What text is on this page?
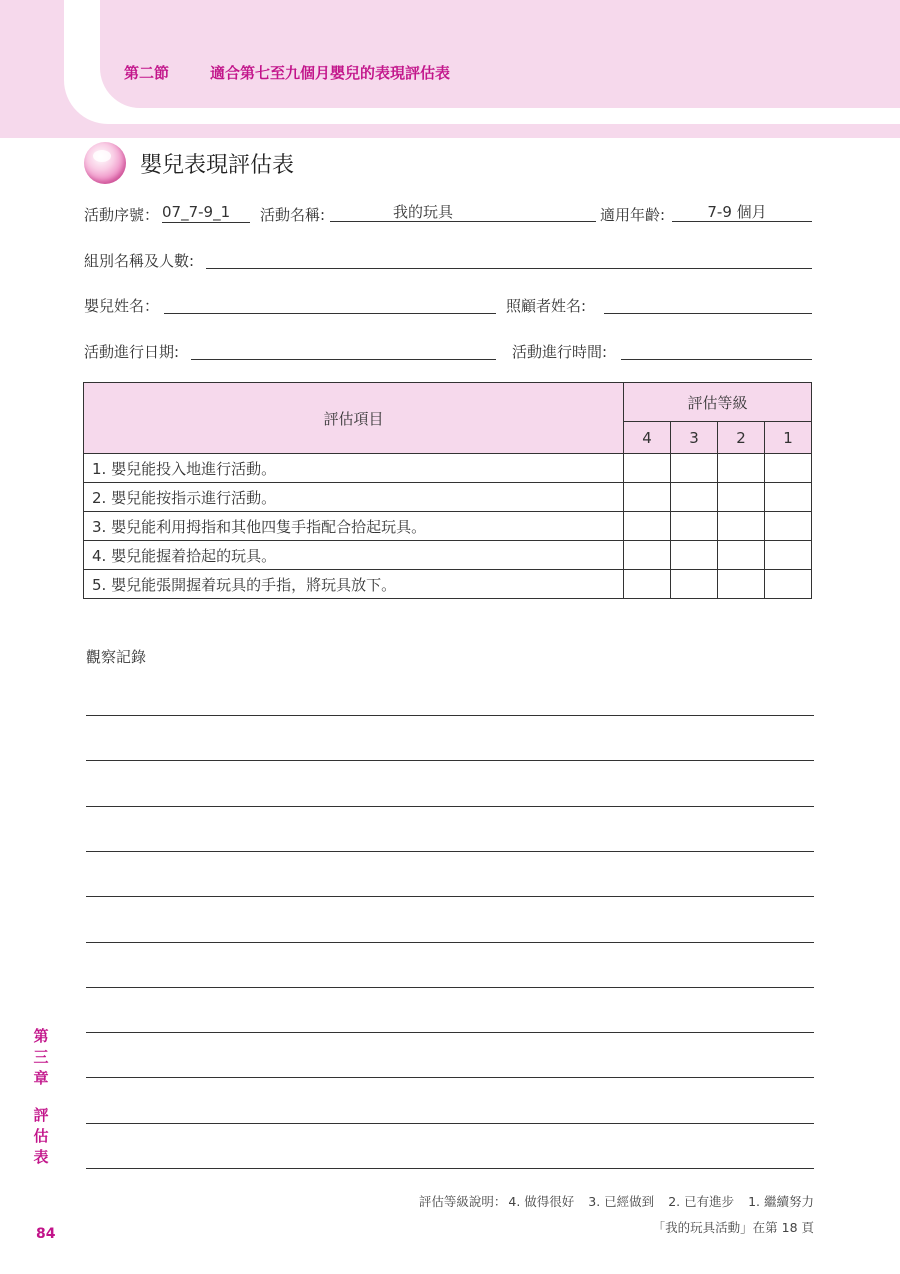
第二節	適合第七至九個月嬰兒的表現評估表
嬰兒表現評估表
活動序號： 07_7-9_1	活動名稱:	我的玩具	適用年齡:	7-9 個月
組別名稱及人數:
嬰兒姓名：	照顧者姓名:
活動進行日期:	活動進行時間:
評估項目	評估等級			
	4	3	2	1
1. 嬰兒能投入地進行活動。				
2. 嬰兒能按指示進行活動。				
3. 嬰兒能利用拇指和其他四隻手指配合拾起玩具。				
4. 嬰兒能握着拾起的玩具。				
5. 嬰兒能張開握着玩具的手指，將玩具放下。				
觀察記錄
評估等級說明： 4. 做得很好 3. 已經做到 2. 已有進步 1. 繼續努力
「我的玩具活動」在第 18 頁
第
三
章
評
估
表
84
